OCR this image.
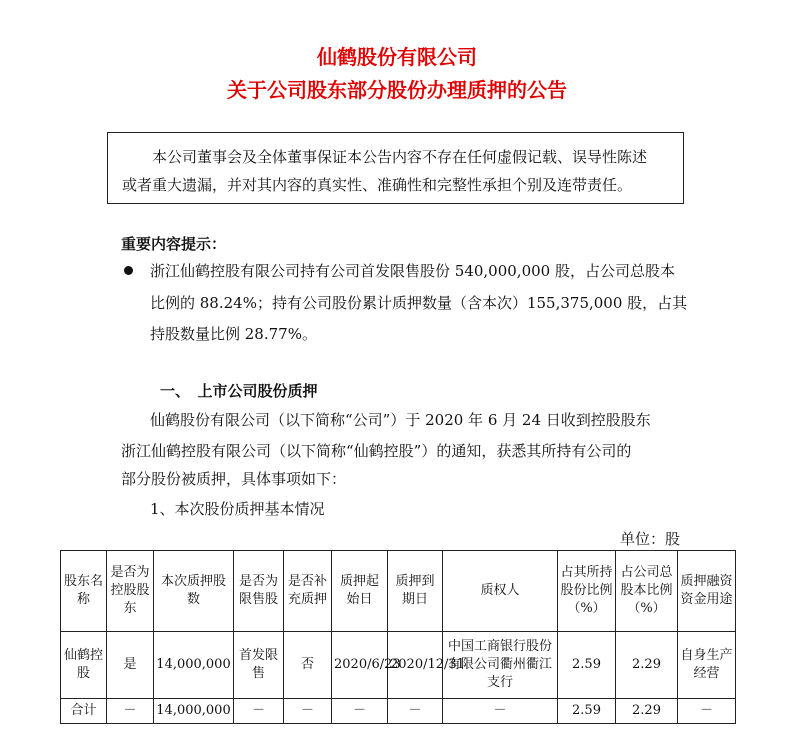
仙鹤股份有限公司
关于公司股东部分股份办理质押的公告
本公司董事会及全体董事保证本公告内容不存在任何虚假记载、误导性陈述
或者重大遗漏，并对其内容的真实性、准确性和完整性承担个别及连带责任。
重要内容提示：
浙江仙鹤控股有限公司持有公司首发限售股份 540,000,000 股，占公司总股本
比例的 88.24%；持有公司股份累计质押数量（含本次）155,375,000 股，占其
持股数量比例 28.77%。
一、　上市公司股份质押
仙鹤股份有限公司（以下简称“公司”）于 2020 年 6 月 24 日收到控股股东
浙江仙鹤控股有限公司（以下简称“仙鹤控股”）的通知，获悉其所持有公司的
部分股份被质押，具体事项如下：
1、本次股份质押基本情况
单位：股
股东名称	是否为控股股东	本次质押股数	是否为限售股	是否补充质押	质押起始日	质押到期日	质权人	占其所持股份比例（%）	占公司总股本比例（%）	质押融资资金用途
仙鹤控股	是	14,000,000	首发限售	否	2020/6/23	2020/12/31	中国工商银行股份有限公司衢州衢江支行	2.59	2.29	自身生产经营
合计	－	14,000,000	－	－	－	－	－	2.59	2.29	－
